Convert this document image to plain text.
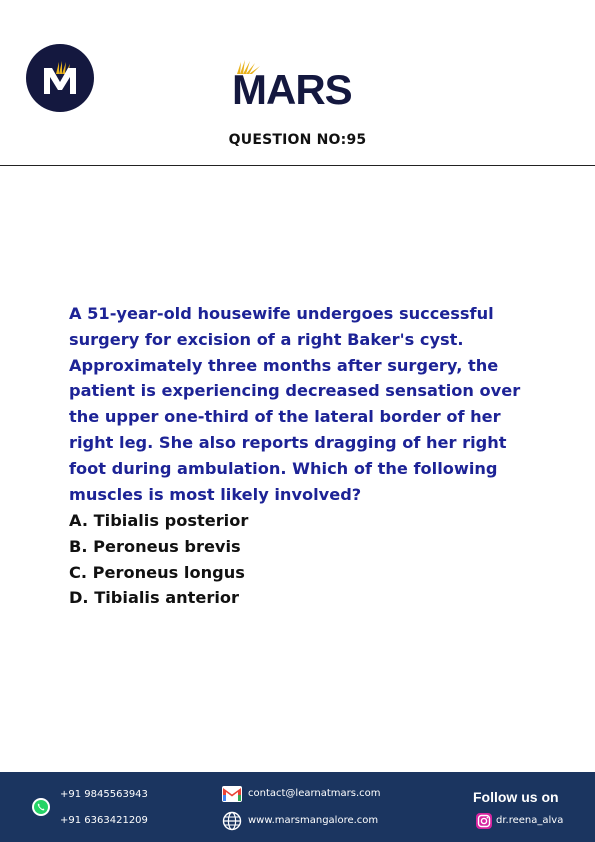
MARS
QUESTION NO:95

A 51-year-old housewife undergoes successful surgery for excision of a right Baker's cyst. Approximately three months after surgery, the patient is experiencing decreased sensation over the upper one-third of the lateral border of her right leg. She also reports dragging of her right foot during ambulation. Which of the following muscles is most likely involved?

A. Tibialis posterior
B. Peroneus brevis
C. Peroneus longus
D. Tibialis anterior
+91 9845563943
+91 6363421209
contact@learnatmars.com
www.marsmangalore.com
Follow us on
dr.reena_alva
